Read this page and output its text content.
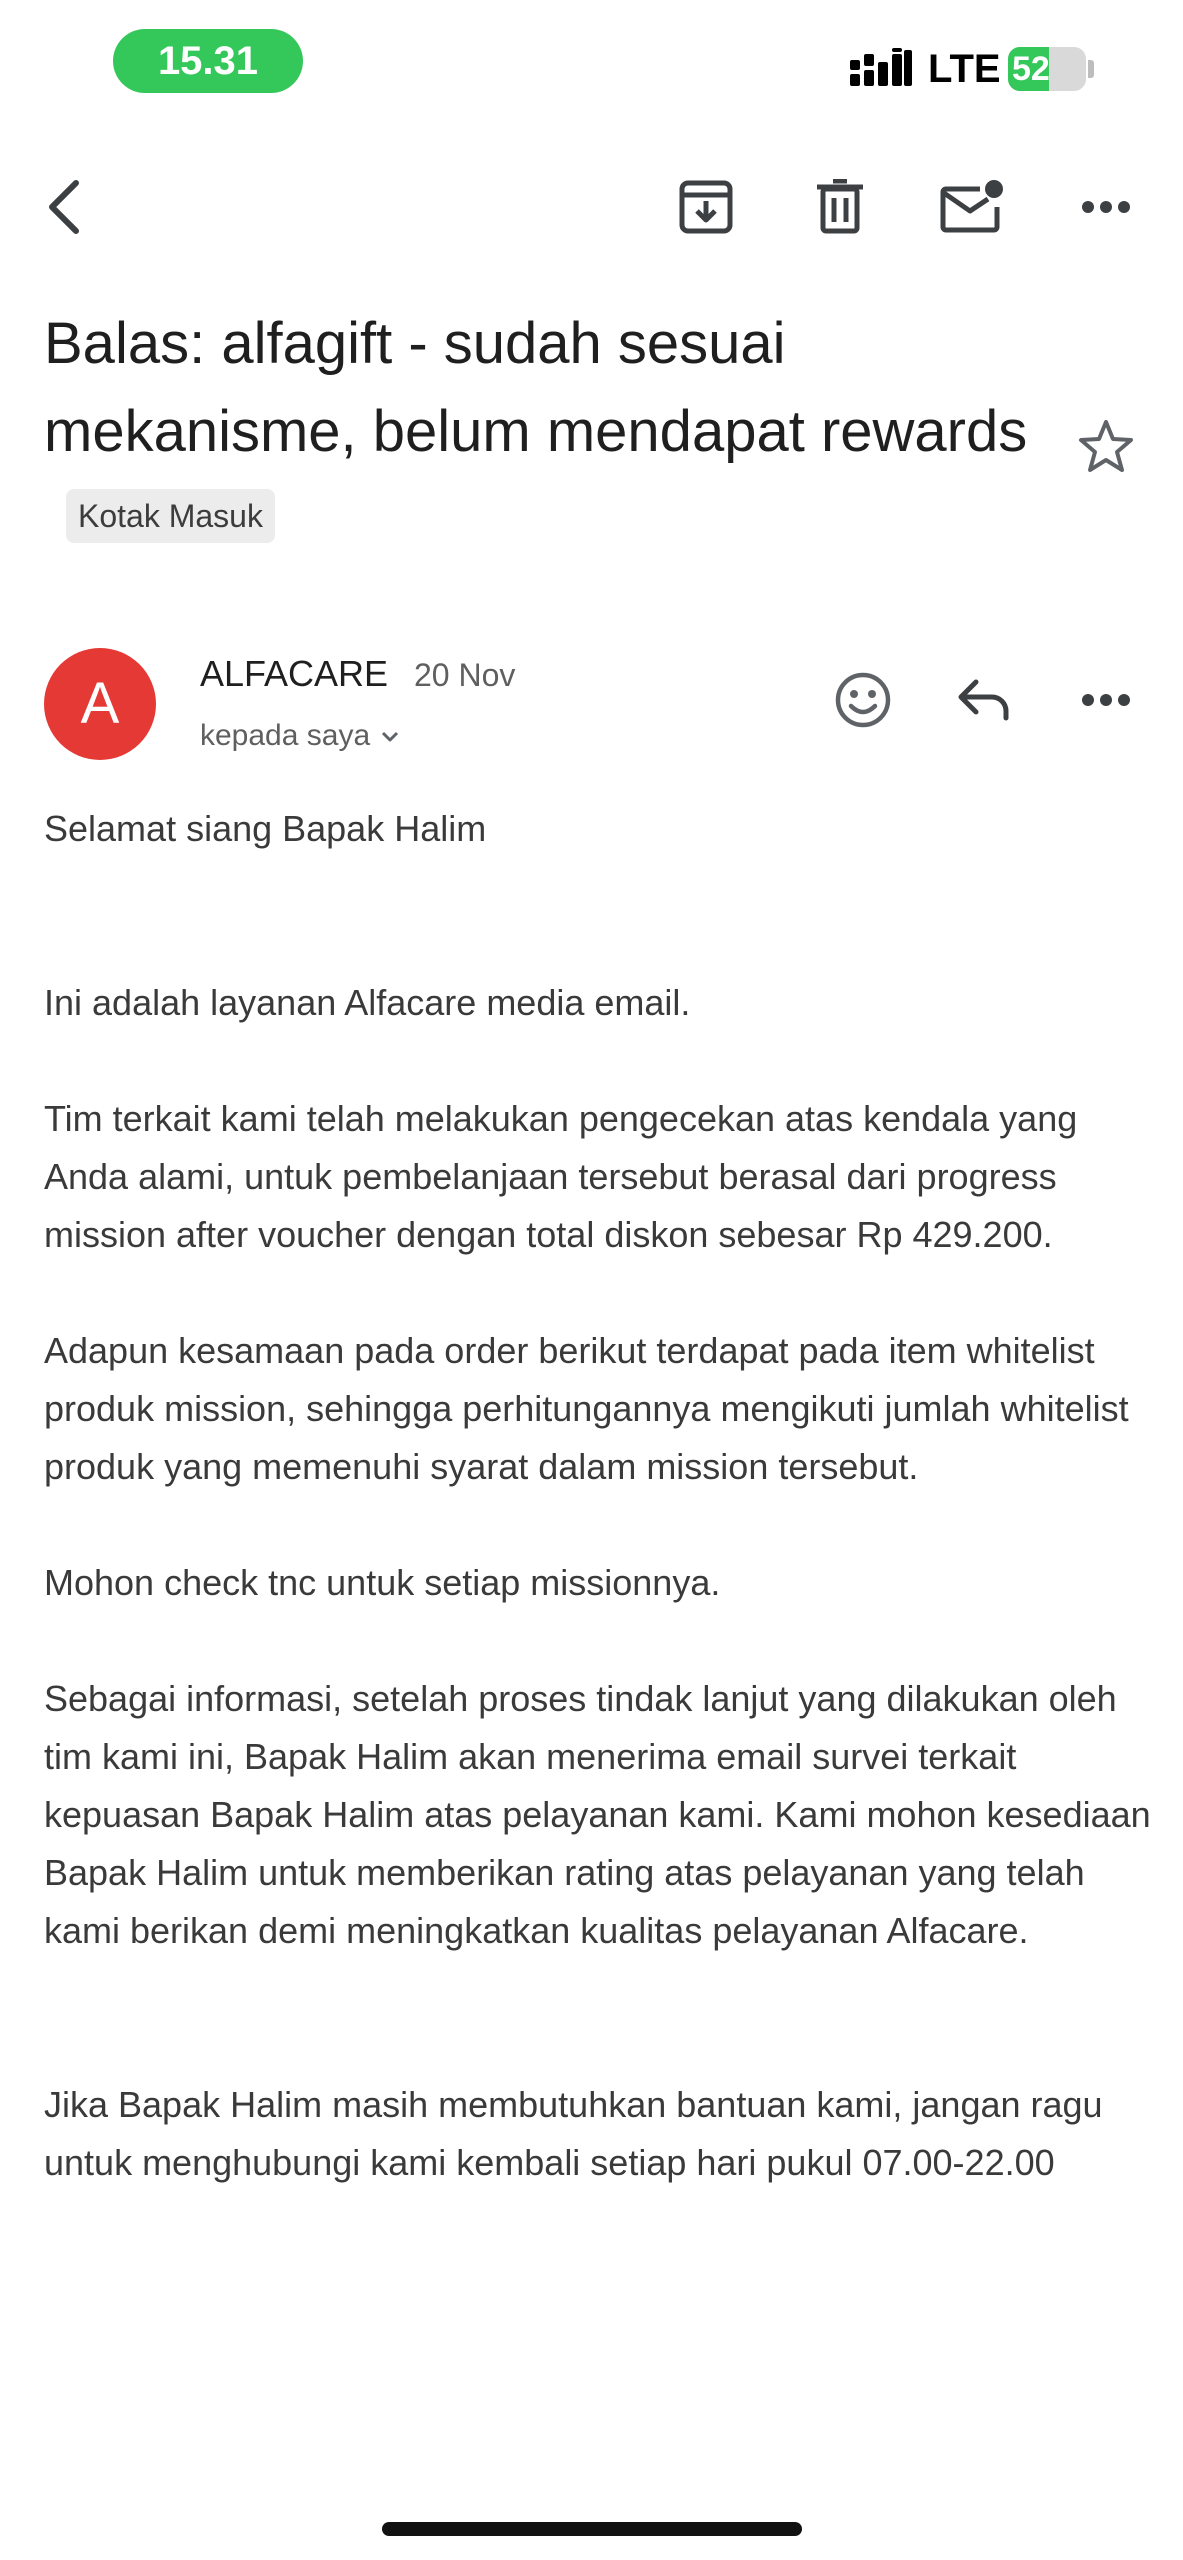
15.31	LTE 52
Balas: alfagift - sudah sesuai mekanisme, belum mendapat rewardsKotak Masuk
A	ALFACARE 20 Nov
kepada saya

Selamat siang Bapak Halim

Ini adalah layanan Alfacare media email.

Tim terkait kami telah melakukan pengecekan atas kendala yang Anda alami, untuk pembelanjaan tersebut berasal dari progress mission after voucher dengan total diskon sebesar Rp 429.200.

Adapun kesamaan pada order berikut terdapat pada item whitelist produk mission, sehingga perhitungannya mengikuti jumlah whitelist produk yang memenuhi syarat dalam mission tersebut.

Mohon check tnc untuk setiap missionnya.

Sebagai informasi, setelah proses tindak lanjut yang dilakukan oleh tim kami ini, Bapak Halim akan menerima email survei terkait kepuasan Bapak Halim atas pelayanan kami. Kami mohon kesediaan Bapak Halim untuk memberikan rating atas pelayanan yang telah kami berikan demi meningkatkan kualitas pelayanan Alfacare.

Jika Bapak Halim masih membutuhkan bantuan kami, jangan ragu untuk menghubungi kami kembali setiap hari pukul 07.00-22.00
